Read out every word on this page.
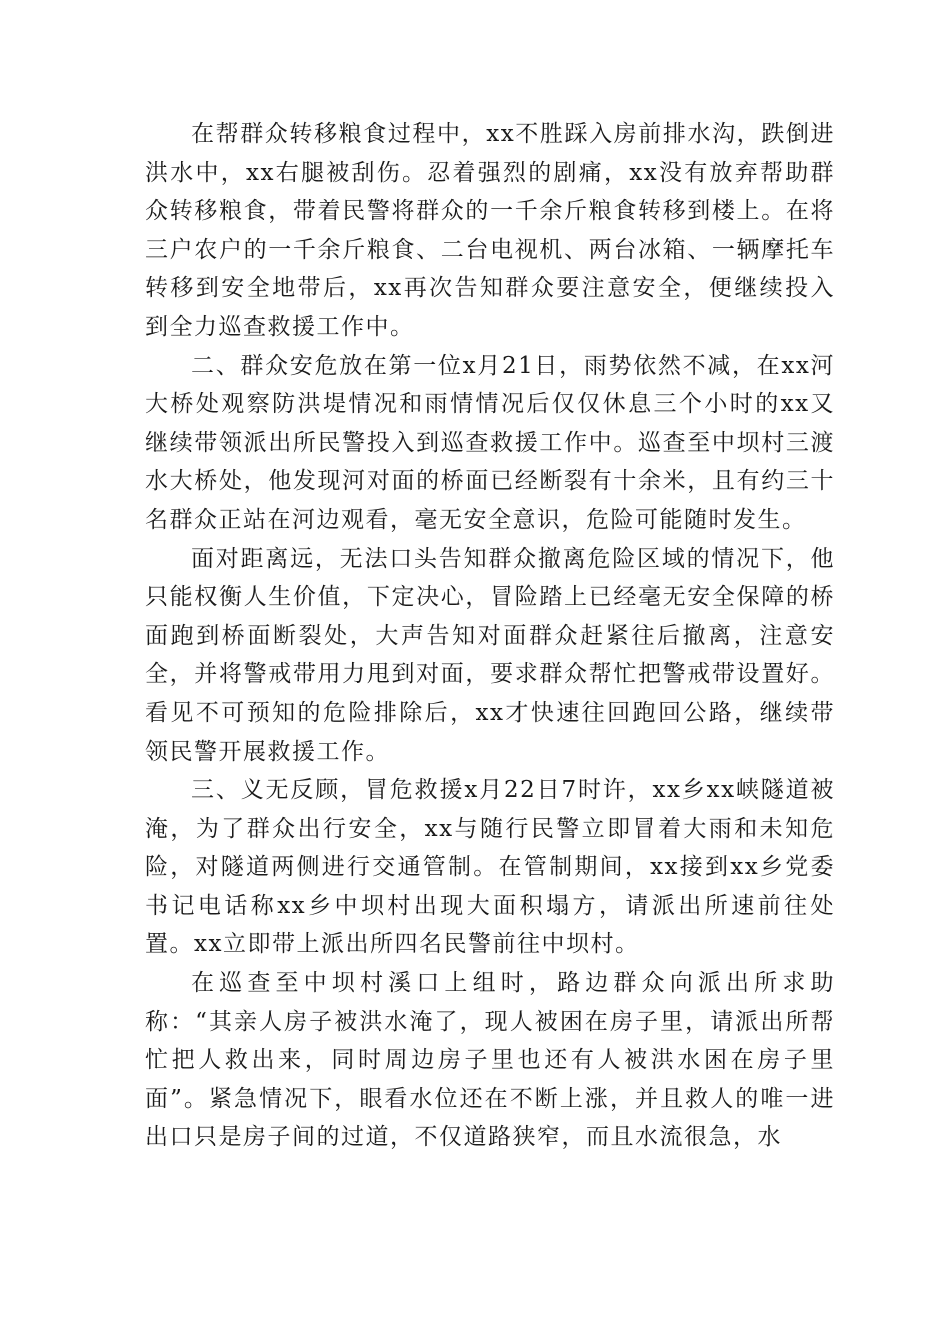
在帮群众转移粮食过程中，xx不胜踩入房前排水沟，跌倒进洪水中，xx右腿被刮伤。忍着强烈的剧痛，xx没有放弃帮助群众转移粮食，带着民警将群众的一千余斤粮食转移到楼上。在将三户农户的一千余斤粮食、二台电视机、两台冰箱、一辆摩托车转移到安全地带后，xx再次告知群众要注意安全，便继续投入到全力巡查救援工作中。

二、群众安危放在第一位x月21日，雨势依然不减，在xx河大桥处观察防洪堤情况和雨情情况后仅仅休息三个小时的xx又继续带领派出所民警投入到巡查救援工作中。巡查至中坝村三渡水大桥处，他发现河对面的桥面已经断裂有十余米，且有约三十名群众正站在河边观看，毫无安全意识，危险可能随时发生。

面对距离远，无法口头告知群众撤离危险区域的情况下，他只能权衡人生价值，下定决心，冒险踏上已经毫无安全保障的桥面跑到桥面断裂处，大声告知对面群众赶紧往后撤离，注意安全，并将警戒带用力甩到对面，要求群众帮忙把警戒带设置好。看见不可预知的危险排除后，xx才快速往回跑回公路，继续带领民警开展救援工作。

三、义无反顾，冒危救援x月22日7时许，xx乡xx峡隧道被淹，为了群众出行安全，xx与随行民警立即冒着大雨和未知危险，对隧道两侧进行交通管制。在管制期间，xx接到xx乡党委书记电话称xx乡中坝村出现大面积塌方，请派出所速前往处置。xx立即带上派出所四名民警前往中坝村。

在巡查至中坝村溪口上组时，路边群众向派出所求助称：“其亲人房子被洪水淹了，现人被困在房子里，请派出所帮忙把人救出来，同时周边房子里也还有人被洪水困在房子里面”。紧急情况下，眼看水位还在不断上涨，并且救人的唯一进出口只是房子间的过道，不仅道路狭窄，而且水流很急，水
